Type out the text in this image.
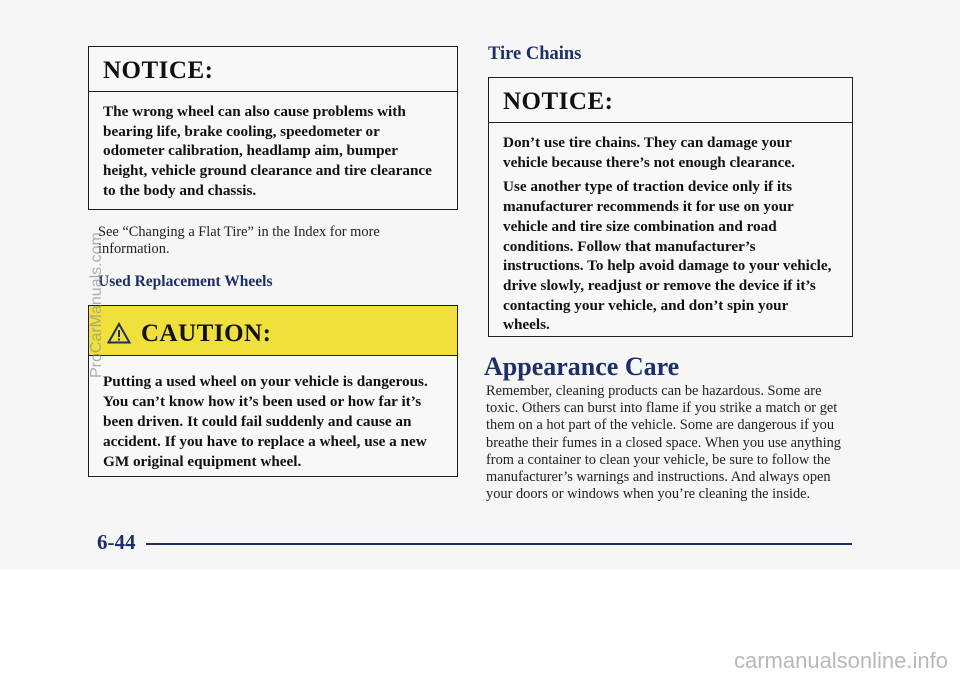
NOTICE:

The wrong wheel can also cause problems with bearing life, brake cooling, speedometer or odometer calibration, headlamp aim, bumper height, vehicle ground clearance and tire clearance to the body and chassis.

See “Changing a Flat Tire” in the Index for more information.
Used Replacement Wheels
CAUTION:
Putting a used wheel on your vehicle is dangerous. You can’t know how it’s been used or how far it’s been driven. It could fail suddenly and cause an accident. If you have to replace a wheel, use a new GM original equipment wheel.
Tire Chains
NOTICE:

Don’t use tire chains. They can damage your vehicle because there’s not enough clearance.

Use another type of traction device only if its manufacturer recommends it for use on your vehicle and tire size combination and road conditions. Follow that manufacturer’s instructions. To help avoid damage to your vehicle, drive slowly, readjust or remove the device if it’s contacting your vehicle, and don’t spin your wheels.

Appearance Care
Remember, cleaning products can be hazardous. Some are toxic. Others can burst into flame if you strike a match or get them on a hot part of the vehicle. Some are dangerous if you breathe their fumes in a closed space. When you use anything from a container to clean your vehicle, be sure to follow the manufacturer’s warnings and instructions. And always open your doors or windows when you’re cleaning the inside.
6-44
ProCarManuals.com
carmanualsonline.info
